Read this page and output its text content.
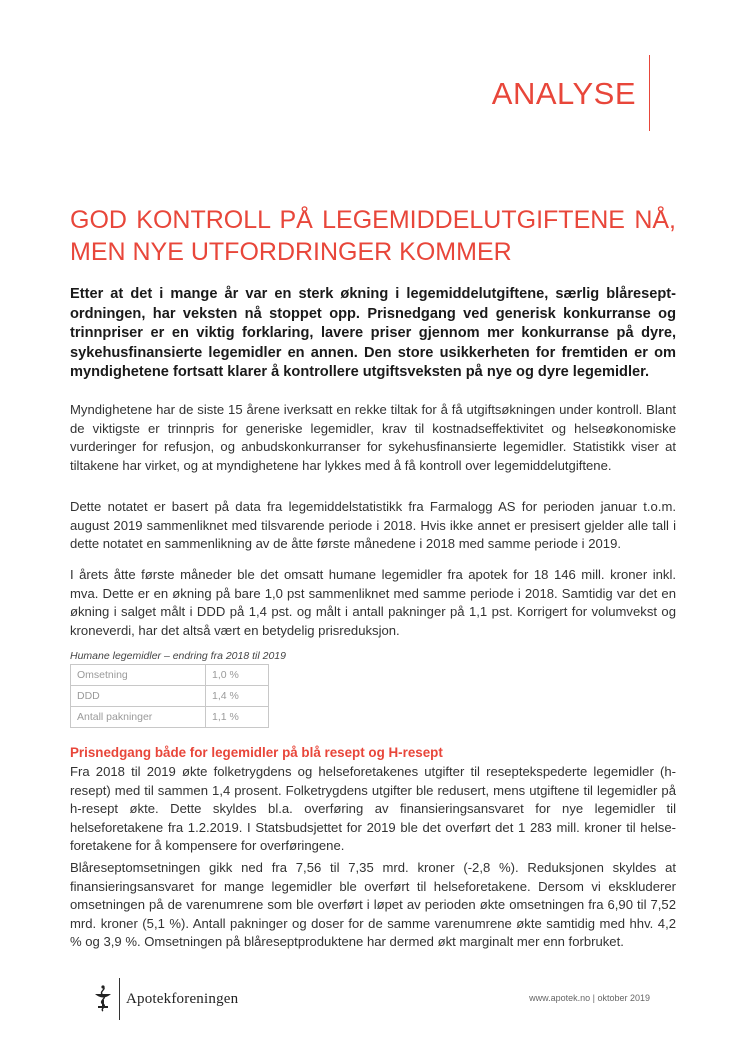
ANALYSE
GOD KONTROLL PÅ LEGEMIDDELUTGIFTENE NÅ, MEN NYE UTFORDRINGER KOMMER

Etter at det i mange år var en sterk økning i legemiddelutgiftene, særlig blåreseptordningen, har veksten nå stoppet opp. Prisnedgang ved generisk konkurranse og trinnpriser er en viktig forklaring, lavere priser gjennom mer konkurranse på dyre, sykehusfinansierte legemidler en annen. Den store usikkerheten for fremtiden er om myndighetene fortsatt klarer å kontrollere utgiftsveksten på nye og dyre legemidler.

Myndighetene har de siste 15 årene iverksatt en rekke tiltak for å få utgiftsøkningen under kontroll. Blant de viktigste er trinnpris for generiske legemidler, krav til kostnadseffektivitet og helseøkonomiske vurderinger for refusjon, og anbudskonkurranser for sykehusfinansierte legemidler. Statistikk viser at tiltakene har virket, og at myndighetene har lykkes med å få kontroll over legemiddelutgiftene.

Dette notatet er basert på data fra legemiddelstatistikk fra Farmalogg AS for perioden januar t.o.m. august 2019 sammenliknet med tilsvarende periode i 2018. Hvis ikke annet er presisert gjelder alle tall i dette notatet en sammenlikning av de åtte første månedene i 2018 med samme periode i 2019.

I årets åtte første måneder ble det omsatt humane legemidler fra apotek for 18 146 mill. kroner inkl. mva. Dette er en økning på bare 1,0 pst sammenliknet med samme periode i 2018. Samtidig var det en økning i salget målt i DDD på 1,4 pst. og målt i antall pakninger på 1,1 pst. Korrigert for volumvekst og kroneverdi, har det altså vært en betydelig prisreduksjon.

Humane legemidler – endring fra 2018 til 2019

Omsetning	1,0 %
DDD	1,4 %
Antall pakninger	1,1 %
Prisnedgang både for legemidler på blå resept og H-resept

Fra 2018 til 2019 økte folketrygdens og helseforetakenes utgifter til reseptekspederte legemidler (h-resept) med til sammen 1,4 prosent. Folketrygdens utgifter ble redusert, mens utgiftene til legemidler på h-resept økte. Dette skyldes bl.a. overføring av finansieringsansvaret for nye legemidler til helseforetakene fra 1.2.2019. I Statsbudsjettet for 2019 ble det overført det 1 283 mill. kroner til helseforetakene for å kompensere for overføringene.

Blåreseptomsetningen gikk ned fra 7,56 til 7,35 mrd. kroner (-2,8 %). Reduksjonen skyldes at finansieringsansvaret for mange legemidler ble overført til helseforetakene. Dersom vi ekskluderer omsetningen på de varenumrene som ble overført i løpet av perioden økte omsetningen fra 6,90 til 7,52 mrd. kroner (5,1 %). Antall pakninger og doser for de samme varenumrene økte samtidig med hhv. 4,2 % og 3,9 %. Omsetningen på blåreseptproduktene har dermed økt marginalt mer enn forbruket.

Apotekforeningen	www.apotek.no | oktober 2019
